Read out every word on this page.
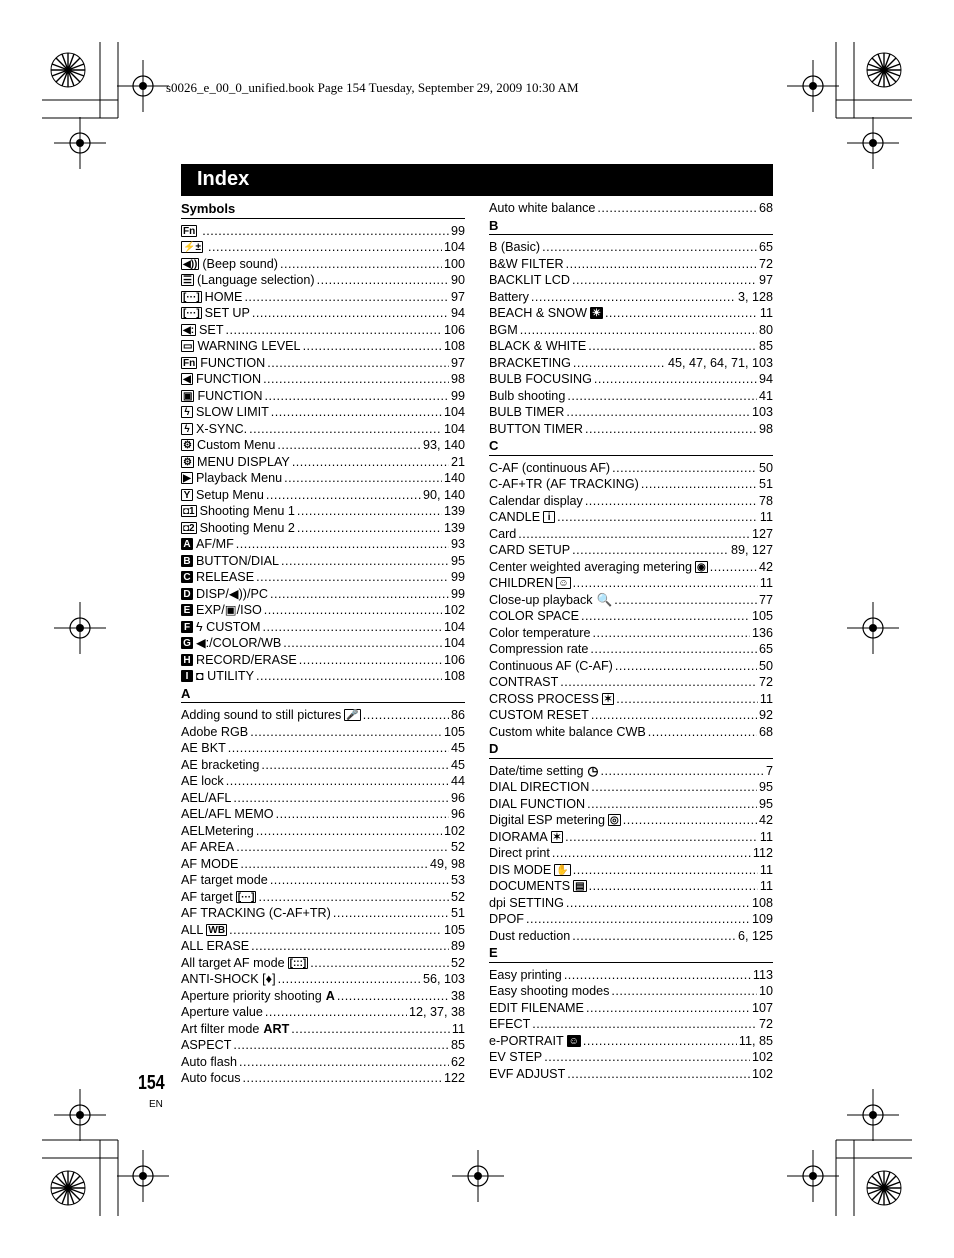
s0026_e_00_0_unified.book Page 154 Tuesday, September 29, 2009 10:30 AM
Index
Symbols
Fn .....	99
⚡± .....	104
◀)) (Beep sound) .....	100
☰ (Language selection) .....	90
[···] HOME .....	97
[···] SET UP .....	94
◀: SET .....	106
▭ WARNING LEVEL .....	108
Fn FUNCTION .....	97
◀ FUNCTION .....	98
▣ FUNCTION .....	99
ϟ SLOW LIMIT .....	104
ϟ X-SYNC. .....	104
⚙ Custom Menu .....	93, 140
⚙ MENU DISPLAY .....	21
▶ Playback Menu .....	140
Y Setup Menu .....	90, 140
◘1 Shooting Menu 1 .....	139
◘2 Shooting Menu 2 .....	139
A AF/MF .....	93
B BUTTON/DIAL .....	95
C RELEASE .....	99
D DISP/◀))/PC .....	99
E EXP/▣/ISO .....	102
F ϟ CUSTOM .....	104
G ◀:/COLOR/WB .....	104
H RECORD/ERASE .....	106
I ◘ UTILITY .....	108
A
Adding sound to still pictures 🎤 .....	86
Adobe RGB .....	105
AE BKT .....	45
AE bracketing .....	45
AE lock .....	44
AEL/AFL .....	96
AEL/AFL MEMO .....	96
AELMetering .....	102
AF AREA .....	52
AF MODE .....	49, 98
AF target mode .....	53
AF target [···] .....	52
AF TRACKING (C-AF+TR) .....	51
ALL WB .....	105
ALL ERASE .....	89
All target AF mode [:::] .....	52
ANTI-SHOCK [♦] .....	56, 103
Aperture priority shooting A .....	38
Aperture value .....	12, 37, 38
Art filter mode ART .....	11
ASPECT .....	85
Auto flash .....	62
Auto focus .....	122
Auto white balance .....	68
B
B (Basic) .....	65
B&W FILTER .....	72
BACKLIT LCD .....	97
Battery .....	3, 128
BEACH & SNOW ☀ .....	11
BGM .....	80
BLACK & WHITE .....	85
BRACKETING .....	45, 47, 64, 71, 103
BULB FOCUSING .....	94
Bulb shooting .....	41
BULB TIMER .....	103
BUTTON TIMER .....	98
C
C-AF (continuous AF) .....	50
C-AF+TR (AF TRACKING) .....	51
Calendar display .....	78
CANDLE i .....	11
Card .....	127
CARD SETUP .....	89, 127
Center weighted averaging metering ◉ .....	42
CHILDREN ☺ .....	11
Close-up playback 🔍 .....	77
COLOR SPACE .....	105
Color temperature .....	136
Compression rate .....	65
Continuous AF (C-AF) .....	50
CONTRAST .....	72
CROSS PROCESS ✶ .....	11
CUSTOM RESET .....	92
Custom white balance CWB .....	68
D
Date/time setting ◷ .....	7
DIAL DIRECTION .....	95
DIAL FUNCTION .....	95
Digital ESP metering ◎ .....	42
DIORAMA ✶ .....	11
Direct print .....	112
DIS MODE ✋ .....	11
DOCUMENTS ▤ .....	11
dpi SETTING .....	108
DPOF .....	109
Dust reduction .....	6, 125
E
Easy printing .....	113
Easy shooting modes .....	10
EDIT FILENAME .....	107
EFECT .....	72
e-PORTRAIT ☺ .....	11, 85
EV STEP .....	102
EVF ADJUST .....	102
154
EN
